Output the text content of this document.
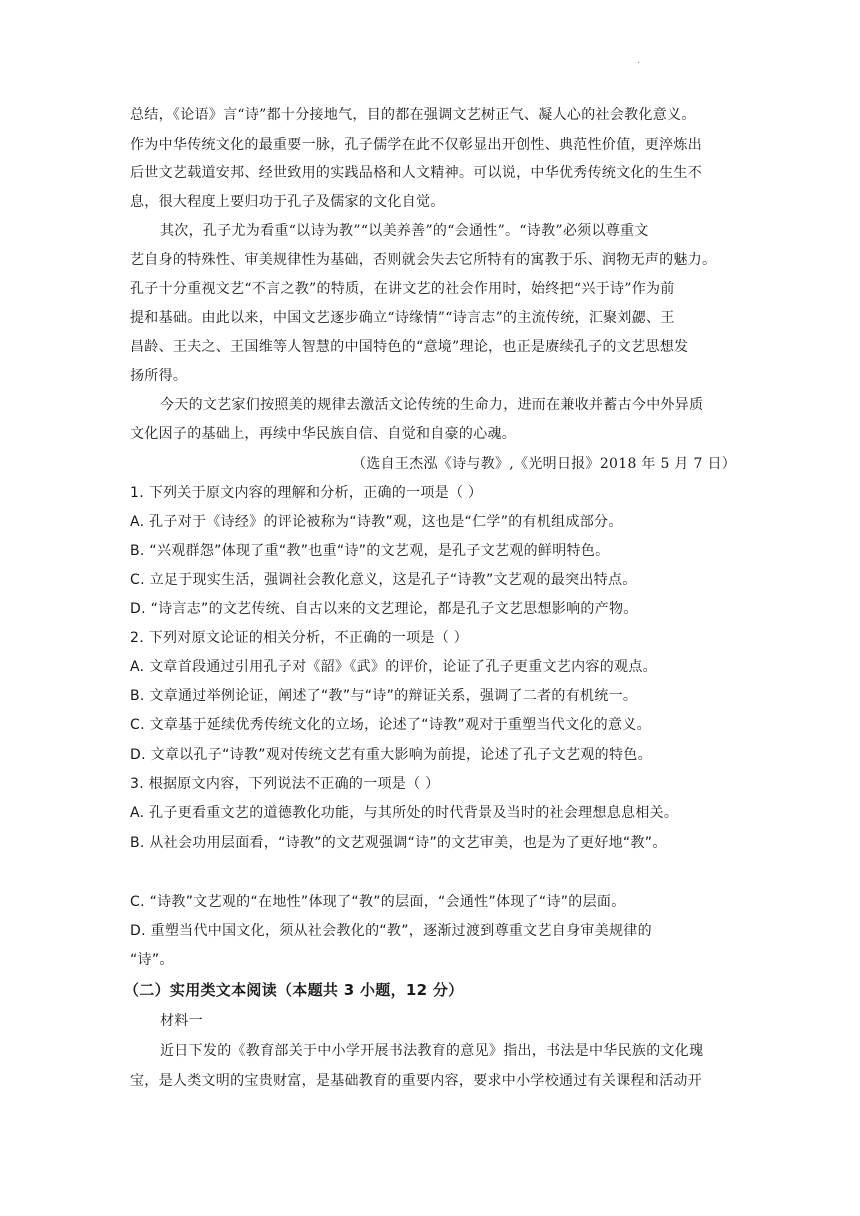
·
总结，《论语》言“诗”都十分接地气，目的都在强调文艺树正气、凝人心的社会教化意义。
作为中华传统文化的最重要一脉，孔子儒学在此不仅彰显出开创性、典范性价值，更淬炼出
后世文艺载道安邦、经世致用的实践品格和人文精神。可以说，中华优秀传统文化的生生不
息，很大程度上要归功于孔子及儒家的文化自觉。
其次，孔子尤为看重“以诗为教”“以美养善”的“会通性”。“诗教”必须以尊重文
艺自身的特殊性、审美规律性为基础，否则就会失去它所特有的寓教于乐、润物无声的魅力。
孔子十分重视文艺“不言之教”的特质，在讲文艺的社会作用时，始终把“兴于诗”作为前
提和基础。由此以来，中国文艺逐步确立“诗缘情”“诗言志”的主流传统，汇聚刘勰、王
昌龄、王夫之、王国维等人智慧的中国特色的“意境”理论，也正是赓续孔子的文艺思想发
扬所得。
今天的文艺家们按照美的规律去激活文论传统的生命力，进而在兼收并蓄古今中外异质
文化因子的基础上，再续中华民族自信、自觉和自豪的心魂。
（选自王杰泓《诗与教》,《光明日报》2018 年 5 月 7 日）
1. 下列关于原文内容的理解和分析，正确的一项是（ ）
A. 孔子对于《诗经》的评论被称为“诗教”观，这也是“仁学”的有机组成部分。
B. “兴观群怨”体现了重“教”也重“诗”的文艺观，是孔子文艺观的鲜明特色。
C. 立足于现实生活，强调社会教化意义，这是孔子“诗教”文艺观的最突出特点。
D. “诗言志”的文艺传统、自古以来的文艺理论，都是孔子文艺思想影响的产物。
2. 下列对原文论证的相关分析，不正确的一项是（ ）
A. 文章首段通过引用孔子对《韶》《武》的评价，论证了孔子更重文艺内容的观点。
B. 文章通过举例论证，阐述了“教”与“诗”的辩证关系，强调了二者的有机统一。
C. 文章基于延续优秀传统文化的立场，论述了“诗教”观对于重塑当代文化的意义。
D. 文章以孔子“诗教”观对传统文艺有重大影响为前提，论述了孔子文艺观的特色。
3. 根据原文内容，下列说法不正确的一项是（ ）
A. 孔子更看重文艺的道德教化功能，与其所处的时代背景及当时的社会理想息息相关。
B. 从社会功用层面看，“诗教”的文艺观强调“诗”的文艺审美，也是为了更好地“教”。
C. “诗教”文艺观的“在地性”体现了“教”的层面，“会通性”体现了“诗”的层面。
D. 重塑当代中国文化，须从社会教化的“教”，逐渐过渡到尊重文艺自身审美规律的
“诗”。
（二）实用类文本阅读（本题共 3 小题，12 分）
材料一
近日下发的《教育部关于中小学开展书法教育的意见》指出，书法是中华民族的文化瑰
宝，是人类文明的宝贵财富，是基础教育的重要内容，要求中小学校通过有关课程和活动开
